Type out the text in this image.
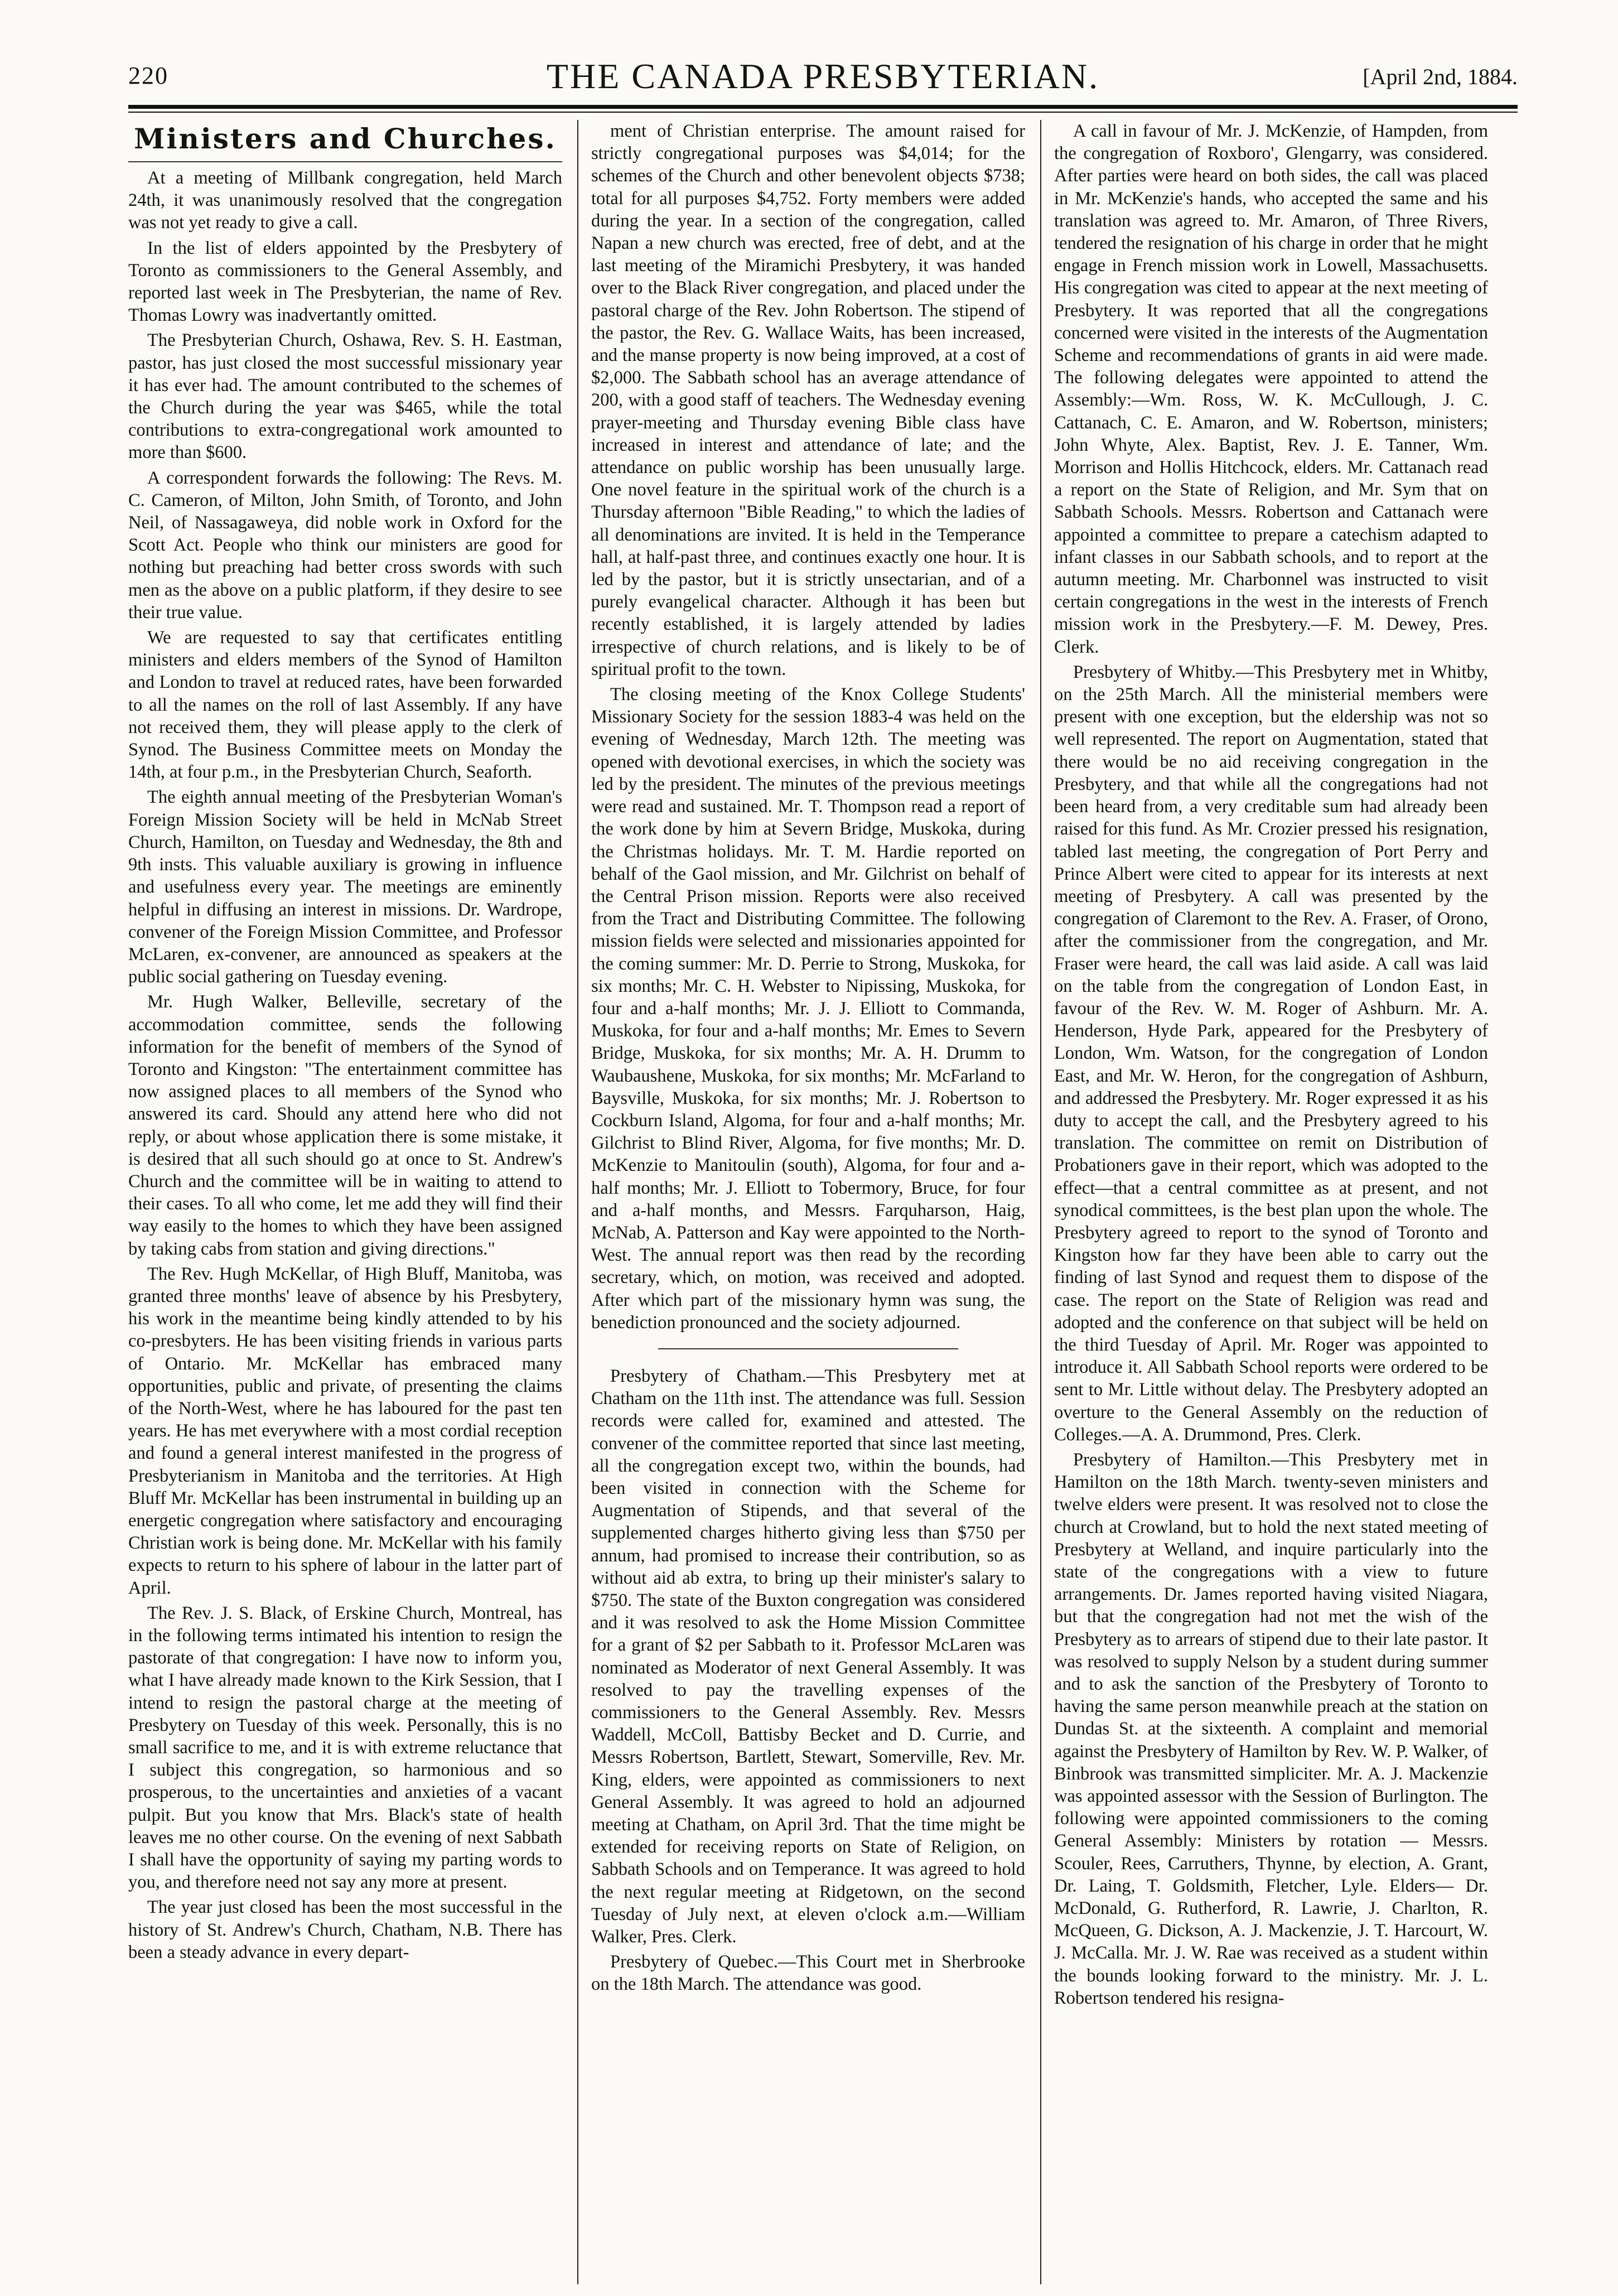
220	THE CANADA PRESBYTERIAN.	[April 2nd, 1884.
Ministers and Churches.

At a meeting of Millbank congregation, held March 24th, it was unanimously resolved that the congregation was not yet ready to give a call.

In the list of elders appointed by the Presbytery of Toronto as commissioners to the General Assembly, and reported last week in The Presbyterian, the name of Rev. Thomas Lowry was inadvertantly omitted.

The Presbyterian Church, Oshawa, Rev. S. H. Eastman, pastor, has just closed the most successful missionary year it has ever had. The amount contributed to the schemes of the Church during the year was $465, while the total contributions to extra-congregational work amounted to more than $600.

A correspondent forwards the following: The Revs. M. C. Cameron, of Milton, John Smith, of Toronto, and John Neil, of Nassagaweya, did noble work in Oxford for the Scott Act. People who think our ministers are good for nothing but preaching had better cross swords with such men as the above on a public platform, if they desire to see their true value.

We are requested to say that certificates entitling ministers and elders members of the Synod of Hamilton and London to travel at reduced rates, have been forwarded to all the names on the roll of last Assembly. If any have not received them, they will please apply to the clerk of Synod. The Business Committee meets on Monday the 14th, at four p.m., in the Presbyterian Church, Seaforth.

The eighth annual meeting of the Presbyterian Woman's Foreign Mission Society will be held in McNab Street Church, Hamilton, on Tuesday and Wednesday, the 8th and 9th insts. This valuable auxiliary is growing in influence and usefulness every year. The meetings are eminently helpful in diffusing an interest in missions. Dr. Wardrope, convener of the Foreign Mission Committee, and Professor McLaren, ex-convener, are announced as speakers at the public social gathering on Tuesday evening.

Mr. Hugh Walker, Belleville, secretary of the accommodation committee, sends the following information for the benefit of members of the Synod of Toronto and Kingston: "The entertainment committee has now assigned places to all members of the Synod who answered its card. Should any attend here who did not reply, or about whose application there is some mistake, it is desired that all such should go at once to St. Andrew's Church and the committee will be in waiting to attend to their cases. To all who come, let me add they will find their way easily to the homes to which they have been assigned by taking cabs from station and giving directions."

The Rev. Hugh McKellar, of High Bluff, Manitoba, was granted three months' leave of absence by his Presbytery, his work in the meantime being kindly attended to by his co-presbyters. He has been visiting friends in various parts of Ontario. Mr. McKellar has embraced many opportunities, public and private, of presenting the claims of the North-West, where he has laboured for the past ten years. He has met everywhere with a most cordial reception and found a general interest manifested in the progress of Presbyterianism in Manitoba and the territories. At High Bluff Mr. McKellar has been instrumental in building up an energetic congregation where satisfactory and encouraging Christian work is being done. Mr. McKellar with his family expects to return to his sphere of labour in the latter part of April.

The Rev. J. S. Black, of Erskine Church, Montreal, has in the following terms intimated his intention to resign the pastorate of that congregation: I have now to inform you, what I have already made known to the Kirk Session, that I intend to resign the pastoral charge at the meeting of Presbytery on Tuesday of this week. Personally, this is no small sacrifice to me, and it is with extreme reluctance that I subject this congregation, so harmonious and so prosperous, to the uncertainties and anxieties of a vacant pulpit. But you know that Mrs. Black's state of health leaves me no other course. On the evening of next Sabbath I shall have the opportunity of saying my parting words to you, and therefore need not say any more at present.

The year just closed has been the most successful in the history of St. Andrew's Church, Chatham, N.B. There has been a steady advance in every depart-

ment of Christian enterprise. The amount raised for strictly congregational purposes was $4,014; for the schemes of the Church and other benevolent objects $738; total for all purposes $4,752. Forty members were added during the year. In a section of the congregation, called Napan a new church was erected, free of debt, and at the last meeting of the Miramichi Presbytery, it was handed over to the Black River congregation, and placed under the pastoral charge of the Rev. John Robertson. The stipend of the pastor, the Rev. G. Wallace Waits, has been increased, and the manse property is now being improved, at a cost of $2,000. The Sabbath school has an average attendance of 200, with a good staff of teachers. The Wednesday evening prayer-meeting and Thursday evening Bible class have increased in interest and attendance of late; and the attendance on public worship has been unusually large. One novel feature in the spiritual work of the church is a Thursday afternoon "Bible Reading," to which the ladies of all denominations are invited. It is held in the Temperance hall, at half-past three, and continues exactly one hour. It is led by the pastor, but it is strictly unsectarian, and of a purely evangelical character. Although it has been but recently established, it is largely attended by ladies irrespective of church relations, and is likely to be of spiritual profit to the town.

The closing meeting of the Knox College Students' Missionary Society for the session 1883-4 was held on the evening of Wednesday, March 12th. The meeting was opened with devotional exercises, in which the society was led by the president. The minutes of the previous meetings were read and sustained. Mr. T. Thompson read a report of the work done by him at Severn Bridge, Muskoka, during the Christmas holidays. Mr. T. M. Hardie reported on behalf of the Gaol mission, and Mr. Gilchrist on behalf of the Central Prison mission. Reports were also received from the Tract and Distributing Committee. The following mission fields were selected and missionaries appointed for the coming summer: Mr. D. Perrie to Strong, Muskoka, for six months; Mr. C. H. Webster to Nipissing, Muskoka, for four and a-half months; Mr. J. J. Elliott to Commanda, Muskoka, for four and a-half months; Mr. Emes to Severn Bridge, Muskoka, for six months; Mr. A. H. Drumm to Waubaushene, Muskoka, for six months; Mr. McFarland to Baysville, Muskoka, for six months; Mr. J. Robertson to Cockburn Island, Algoma, for four and a-half months; Mr. Gilchrist to Blind River, Algoma, for five months; Mr. D. McKenzie to Manitoulin (south), Algoma, for four and a-half months; Mr. J. Elliott to Tobermory, Bruce, for four and a-half months, and Messrs. Farquharson, Haig, McNab, A. Patterson and Kay were appointed to the North-West. The annual report was then read by the recording secretary, which, on motion, was received and adopted. After which part of the missionary hymn was sung, the benediction pronounced and the society adjourned.

Presbytery of Chatham.—This Presbytery met at Chatham on the 11th inst. The attendance was full. Session records were called for, examined and attested. The convener of the committee reported that since last meeting, all the congregation except two, within the bounds, had been visited in connection with the Scheme for Augmentation of Stipends, and that several of the supplemented charges hitherto giving less than $750 per annum, had promised to increase their contribution, so as without aid ab extra, to bring up their minister's salary to $750. The state of the Buxton congregation was considered and it was resolved to ask the Home Mission Committee for a grant of $2 per Sabbath to it. Professor McLaren was nominated as Moderator of next General Assembly. It was resolved to pay the travelling expenses of the commissioners to the General Assembly. Rev. Messrs Waddell, McColl, Battisby Becket and D. Currie, and Messrs Robertson, Bartlett, Stewart, Somerville, Rev. Mr. King, elders, were appointed as commissioners to next General Assembly. It was agreed to hold an adjourned meeting at Chatham, on April 3rd. That the time might be extended for receiving reports on State of Religion, on Sabbath Schools and on Temperance. It was agreed to hold the next regular meeting at Ridgetown, on the second Tuesday of July next, at eleven o'clock a.m.—William Walker, Pres. Clerk.

Presbytery of Quebec.—This Court met in Sherbrooke on the 18th March. The attendance was good.

A call in favour of Mr. J. McKenzie, of Hampden, from the congregation of Roxboro', Glengarry, was considered. After parties were heard on both sides, the call was placed in Mr. McKenzie's hands, who accepted the same and his translation was agreed to. Mr. Amaron, of Three Rivers, tendered the resignation of his charge in order that he might engage in French mission work in Lowell, Massachusetts. His congregation was cited to appear at the next meeting of Presbytery. It was reported that all the congregations concerned were visited in the interests of the Augmentation Scheme and recommendations of grants in aid were made. The following delegates were appointed to attend the Assembly:—Wm. Ross, W. K. McCullough, J. C. Cattanach, C. E. Amaron, and W. Robertson, ministers; John Whyte, Alex. Baptist, Rev. J. E. Tanner, Wm. Morrison and Hollis Hitchcock, elders. Mr. Cattanach read a report on the State of Religion, and Mr. Sym that on Sabbath Schools. Messrs. Robertson and Cattanach were appointed a committee to prepare a catechism adapted to infant classes in our Sabbath schools, and to report at the autumn meeting. Mr. Charbonnel was instructed to visit certain congregations in the west in the interests of French mission work in the Presbytery.—F. M. Dewey, Pres. Clerk.

Presbytery of Whitby.—This Presbytery met in Whitby, on the 25th March. All the ministerial members were present with one exception, but the eldership was not so well represented. The report on Augmentation, stated that there would be no aid receiving congregation in the Presbytery, and that while all the congregations had not been heard from, a very creditable sum had already been raised for this fund. As Mr. Crozier pressed his resignation, tabled last meeting, the congregation of Port Perry and Prince Albert were cited to appear for its interests at next meeting of Presbytery. A call was presented by the congregation of Claremont to the Rev. A. Fraser, of Orono, after the commissioner from the congregation, and Mr. Fraser were heard, the call was laid aside. A call was laid on the table from the congregation of London East, in favour of the Rev. W. M. Roger of Ashburn. Mr. A. Henderson, Hyde Park, appeared for the Presbytery of London, Wm. Watson, for the congregation of London East, and Mr. W. Heron, for the congregation of Ashburn, and addressed the Presbytery. Mr. Roger expressed it as his duty to accept the call, and the Presbytery agreed to his translation. The committee on remit on Distribution of Probationers gave in their report, which was adopted to the effect—that a central committee as at present, and not synodical committees, is the best plan upon the whole. The Presbytery agreed to report to the synod of Toronto and Kingston how far they have been able to carry out the finding of last Synod and request them to dispose of the case. The report on the State of Religion was read and adopted and the conference on that subject will be held on the third Tuesday of April. Mr. Roger was appointed to introduce it. All Sabbath School reports were ordered to be sent to Mr. Little without delay. The Presbytery adopted an overture to the General Assembly on the reduction of Colleges.—A. A. Drummond, Pres. Clerk.

Presbytery of Hamilton.—This Presbytery met in Hamilton on the 18th March. twenty-seven ministers and twelve elders were present. It was resolved not to close the church at Crowland, but to hold the next stated meeting of Presbytery at Welland, and inquire particularly into the state of the congregations with a view to future arrangements. Dr. James reported having visited Niagara, but that the congregation had not met the wish of the Presbytery as to arrears of stipend due to their late pastor. It was resolved to supply Nelson by a student during summer and to ask the sanction of the Presbytery of Toronto to having the same person meanwhile preach at the station on Dundas St. at the sixteenth. A complaint and memorial against the Presbytery of Hamilton by Rev. W. P. Walker, of Binbrook was transmitted simpliciter. Mr. A. J. Mackenzie was appointed assessor with the Session of Burlington. The following were appointed commissioners to the coming General Assembly: Ministers by rotation — Messrs. Scouler, Rees, Carruthers, Thynne, by election, A. Grant, Dr. Laing, T. Goldsmith, Fletcher, Lyle. Elders— Dr. McDonald, G. Rutherford, R. Lawrie, J. Charlton, R. McQueen, G. Dickson, A. J. Mackenzie, J. T. Harcourt, W. J. McCalla. Mr. J. W. Rae was received as a student within the bounds looking forward to the ministry. Mr. J. L. Robertson tendered his resigna-
